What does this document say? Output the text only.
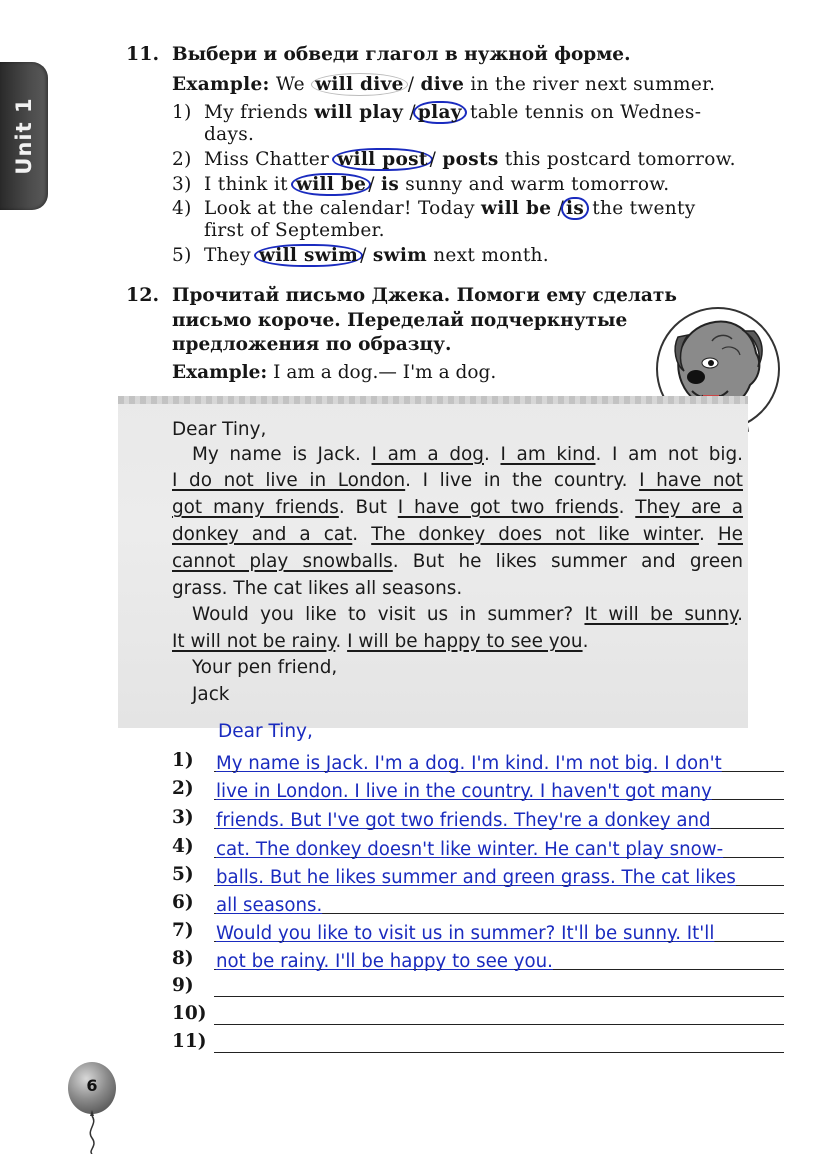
Unit 1
11. Выбери и обведи глагол в нужной форме.
Example: We will dive / dive in the river next summer.
1) My friends will play / play table tennis on Wednes-
days.
2) Miss Chatter will post / posts this postcard tomorrow.
3) I think it will be / is sunny and warm tomorrow.
4) Look at the calendar! Today will be / is the twenty
first of September.
5) They will swim / swim next month.
12. Прочитай письмо Джека. Помоги ему сделать
письмо короче. Переделай подчеркнутые
предложения по образцу.
Example: I am a dog.— I'm a dog.
Dear Tiny,
My name is Jack. I am a dog. I am kind. I am not big.
I do not live in London. I live in the country. I have not
got many friends. But I have got two friends. They are a
donkey and a cat. The donkey does not like winter. He
cannot play snowballs. But he likes summer and green
grass. The cat likes all seasons.
Would you like to visit us in summer? It will be sunny.
It will not be rainy. I will be happy to see you.
Your pen friend,
Jack
Dear Tiny,
1) My name is Jack. I'm a dog. I'm kind. I'm not big. I don't
2) live in London. I live in the country. I haven't got many
3) friends. But I've got two friends. They're a donkey and
4) cat. The donkey doesn't like winter. He can't play snow-
5) balls. But he likes summer and green grass. The cat likes
6) all seasons.
7) Would you like to visit us in summer? It'll be sunny. It'll
8) not be rainy. I'll be happy to see you.
9)
10)
11)
6
